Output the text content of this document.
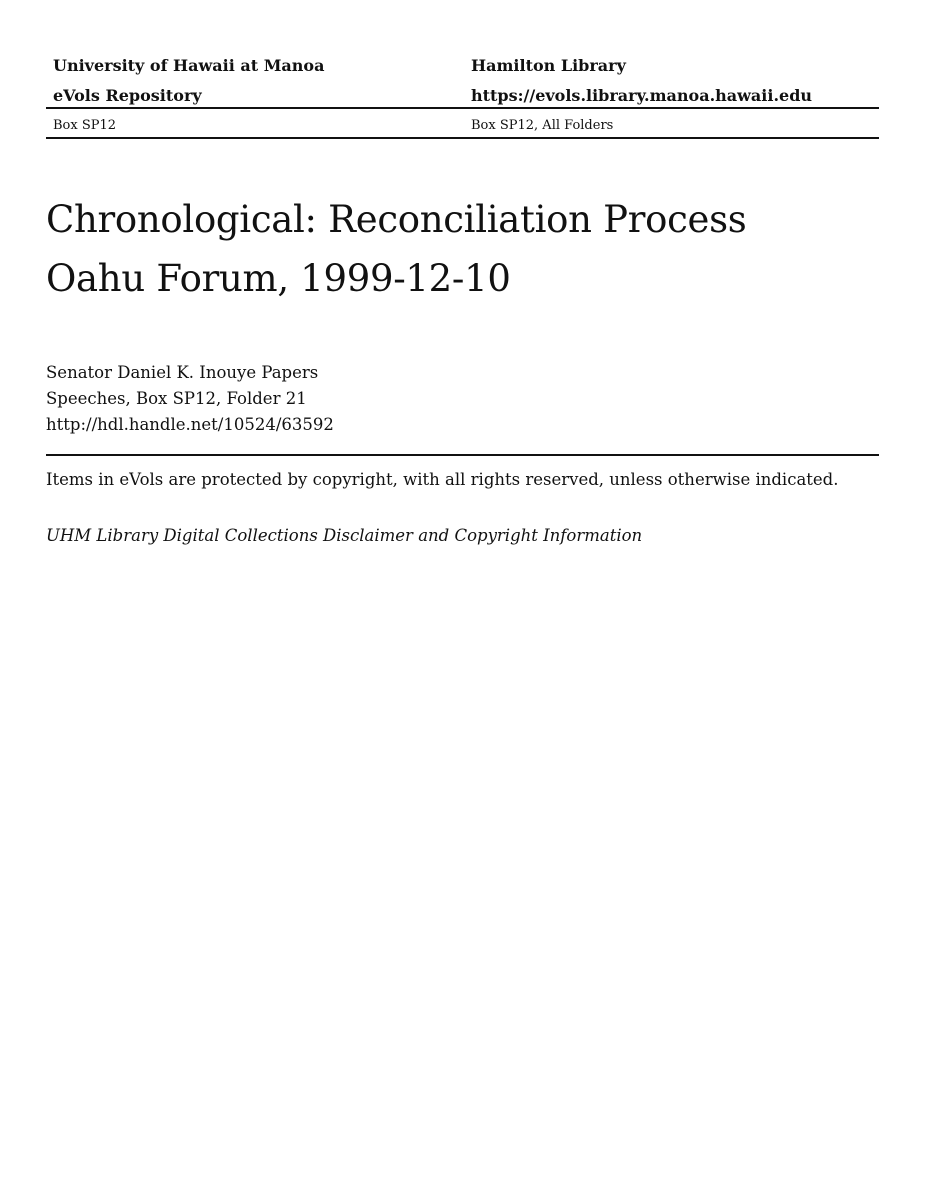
University of Hawaii at Manoa	Hamilton Library
eVols Repository	https://evols.library.manoa.hawaii.edu
Box SP12	Box SP12, All Folders
Chronological: Reconciliation Process
Oahu Forum, 1999-12-10
Senator Daniel K. Inouye Papers
Speeches, Box SP12, Folder 21
http://hdl.handle.net/10524/63592
Items in eVols are protected by copyright, with all rights reserved, unless otherwise indicated.
UHM Library Digital Collections Disclaimer and Copyright Information
